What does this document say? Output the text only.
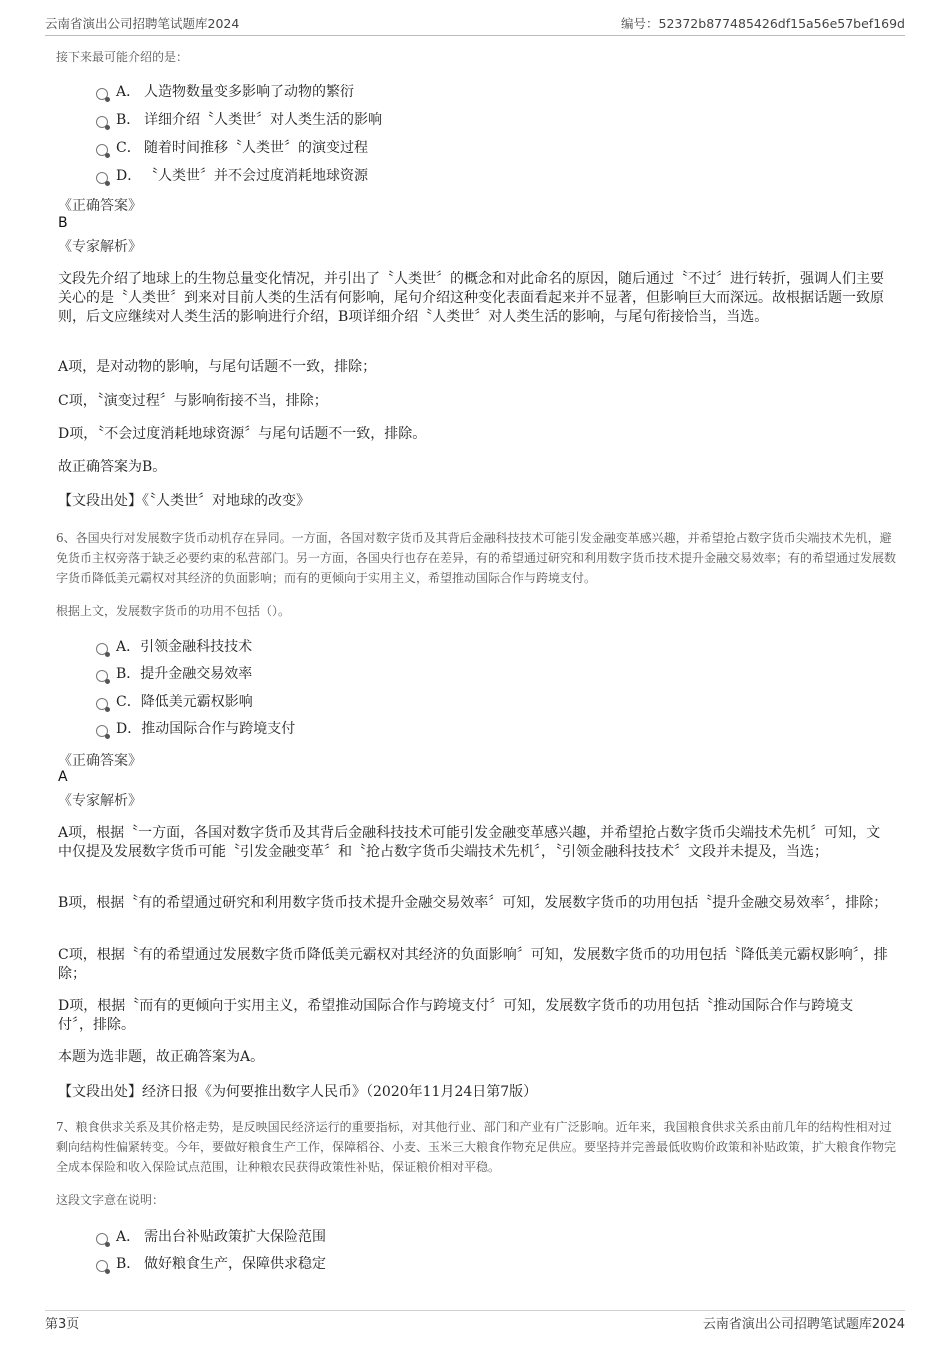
云南省演出公司招聘笔试题库2024	编号：52372b877485426df15a56e57bef169d
接下来最可能介绍的是：
A． 人造物数量变多影响了动物的繁衍
B． 详细介绍〝人类世〞对人类生活的影响
C． 随着时间推移〝人类世〞的演变过程
D． 〝人类世〞并不会过度消耗地球资源
《正确答案》
B
《专家解析》
文段先介绍了地球上的生物总量变化情况，并引出了〝人类世〞的概念和对此命名的原因，随后通过〝不过〞进行转折，强调人们主要关心的是〝人类世〞到来对目前人类的生活有何影响，尾句介绍这种变化表面看起来并不显著，但影响巨大而深远。故根据话题一致原则，后文应继续对人类生活的影响进行介绍，B项详细介绍〝人类世〞对人类生活的影响，与尾句衔接恰当，当选。
A项，是对动物的影响，与尾句话题不一致，排除；
C项，〝演变过程〞与影响衔接不当，排除；
D项，〝不会过度消耗地球资源〞与尾句话题不一致，排除。
故正确答案为B。
【文段出处】《〝人类世〞对地球的改变》
6、各国央行对发展数字货币动机存在异同。一方面，各国对数字货币及其背后金融科技技术可能引发金融变革感兴趣，并希望抢占数字货币尖端技术先机，避免货币主权旁落于缺乏必要约束的私营部门。另一方面，各国央行也存在差异，有的希望通过研究和利用数字货币技术提升金融交易效率；有的希望通过发展数字货币降低美元霸权对其经济的负面影响；而有的更倾向于实用主义，希望推动国际合作与跨境支付。
根据上文，发展数字货币的功用不包括（）。
A．引领金融科技技术
B．提升金融交易效率
C．降低美元霸权影响
D．推动国际合作与跨境支付
《正确答案》
A
《专家解析》
A项，根据〝一方面，各国对数字货币及其背后金融科技技术可能引发金融变革感兴趣，并希望抢占数字货币尖端技术先机〞可知，文中仅提及发展数字货币可能〝引发金融变革〞和〝抢占数字货币尖端技术先机〞，〝引领金融科技技术〞文段并未提及，当选；
B项，根据〝有的希望通过研究和利用数字货币技术提升金融交易效率〞可知，发展数字货币的功用包括〝提升金融交易效率〞，排除；
C项，根据〝有的希望通过发展数字货币降低美元霸权对其经济的负面影响〞可知，发展数字货币的功用包括〝降低美元霸权影响〞，排除；
D项，根据〝而有的更倾向于实用主义，希望推动国际合作与跨境支付〞可知，发展数字货币的功用包括〝推动国际合作与跨境支付〞，排除。
本题为选非题，故正确答案为A。
【文段出处】经济日报《为何要推出数字人民币》（2020年11月24日第7版）
7、粮食供求关系及其价格走势，是反映国民经济运行的重要指标，对其他行业、部门和产业有广泛影响。近年来，我国粮食供求关系由前几年的结构性相对过剩向结构性偏紧转变。今年，要做好粮食生产工作，保障稻谷、小麦、玉米三大粮食作物充足供应。要坚持并完善最低收购价政策和补贴政策，扩大粮食作物完全成本保险和收入保险试点范围，让种粮农民获得政策性补贴，保证粮价相对平稳。
这段文字意在说明：
A． 需出台补贴政策扩大保险范围
B． 做好粮食生产，保障供求稳定
第3页	云南省演出公司招聘笔试题库2024
